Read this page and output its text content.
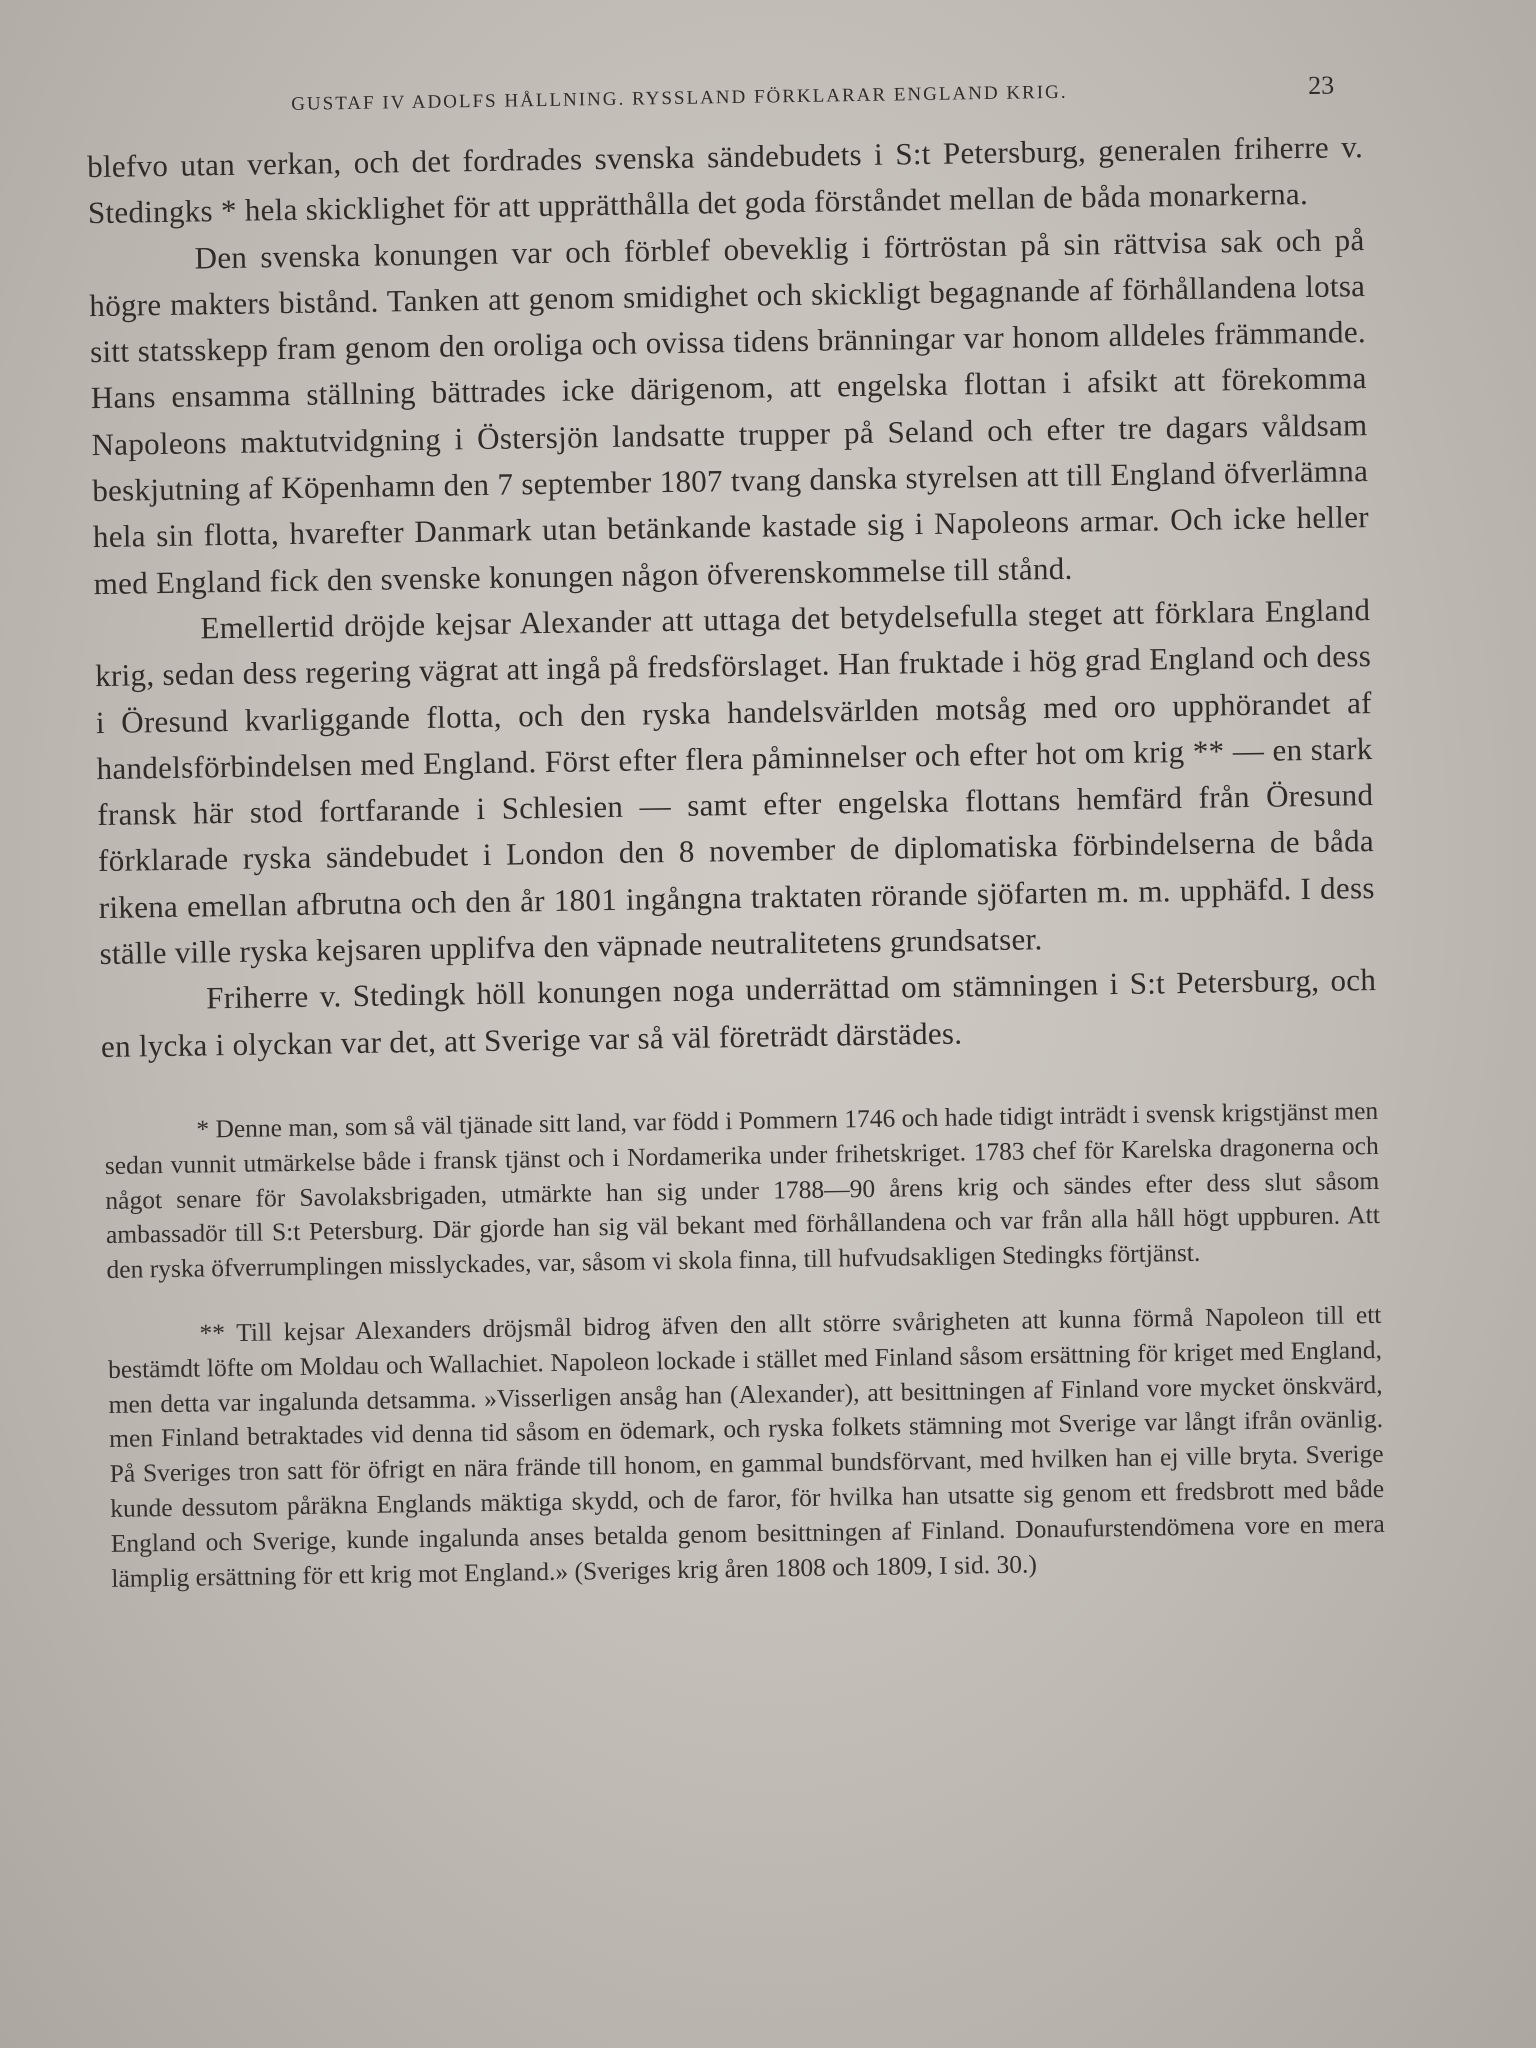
GUSTAF IV ADOLFS HÅLLNING. RYSSLAND FÖRKLARAR ENGLAND KRIG.	23

blefvo utan verkan, och det fordrades svenska sändebudets i S:t Petersburg, generalen friherre v. Stedingks * hela skicklighet för att upprätthålla det goda förståndet mellan de båda monarkerna.

Den svenska konungen var och förblef obeveklig i förtröstan på sin rättvisa sak och på högre makters bistånd. Tanken att genom smidighet och skickligt begagnande af förhållandena lotsa sitt statsskepp fram genom den oroliga och ovissa tidens bränningar var honom alldeles främmande. Hans ensamma ställning bättrades icke därigenom, att engelska flottan i afsikt att förekomma Napoleons maktutvidgning i Östersjön landsatte trupper på Seland och efter tre dagars våldsam beskjutning af Köpenhamn den 7 september 1807 tvang danska styrelsen att till England öfverlämna hela sin flotta, hvarefter Danmark utan betänkande kastade sig i Napoleons armar. Och icke heller med England fick den svenske konungen någon öfverenskommelse till stånd.

Emellertid dröjde kejsar Alexander att uttaga det betydelsefulla steget att förklara England krig, sedan dess regering vägrat att ingå på fredsförslaget. Han fruktade i hög grad England och dess i Öresund kvarliggande flotta, och den ryska handelsvärlden motsåg med oro upphörandet af handelsförbindelsen med England. Först efter flera påminnelser och efter hot om krig ** — en stark fransk här stod fortfarande i Schlesien — samt efter engelska flottans hemfärd från Öresund förklarade ryska sändebudet i London den 8 november de diplomatiska förbindelserna de båda rikena emellan afbrutna och den år 1801 ingångna traktaten rörande sjöfarten m. m. upphäfd. I dess ställe ville ryska kejsaren upplifva den väpnade neutralitetens grundsatser.

Friherre v. Stedingk höll konungen noga underrättad om stämningen i S:t Petersburg, och en lycka i olyckan var det, att Sverige var så väl företrädt därstädes.

* Denne man, som så väl tjänade sitt land, var född i Pommern 1746 och hade tidigt inträdt i svensk krigstjänst men sedan vunnit utmärkelse både i fransk tjänst och i Nordamerika under frihetskriget. 1783 chef för Karelska dragonerna och något senare för Savolaksbrigaden, utmärkte han sig under 1788—90 årens krig och sändes efter dess slut såsom ambassadör till S:t Petersburg. Där gjorde han sig väl bekant med förhållandena och var från alla håll högt uppburen. Att den ryska öfverrumplingen misslyckades, var, såsom vi skola finna, till hufvudsakligen Stedingks förtjänst.

** Till kejsar Alexanders dröjsmål bidrog äfven den allt större svårigheten att kunna förmå Napoleon till ett bestämdt löfte om Moldau och Wallachiet. Napoleon lockade i stället med Finland såsom ersättning för kriget med England, men detta var ingalunda detsamma. »Visserligen ansåg han (Alexander), att besittningen af Finland vore mycket önskvärd, men Finland betraktades vid denna tid såsom en ödemark, och ryska folkets stämning mot Sverige var långt ifrån ovänlig. På Sveriges tron satt för öfrigt en nära frände till honom, en gammal bundsförvant, med hvilken han ej ville bryta. Sverige kunde dessutom påräkna Englands mäktiga skydd, och de faror, för hvilka han utsatte sig genom ett fredsbrott med både England och Sverige, kunde ingalunda anses betalda genom besittningen af Finland. Donaufurstendömena vore en mera lämplig ersättning för ett krig mot England.» (Sveriges krig åren 1808 och 1809, I sid. 30.)
